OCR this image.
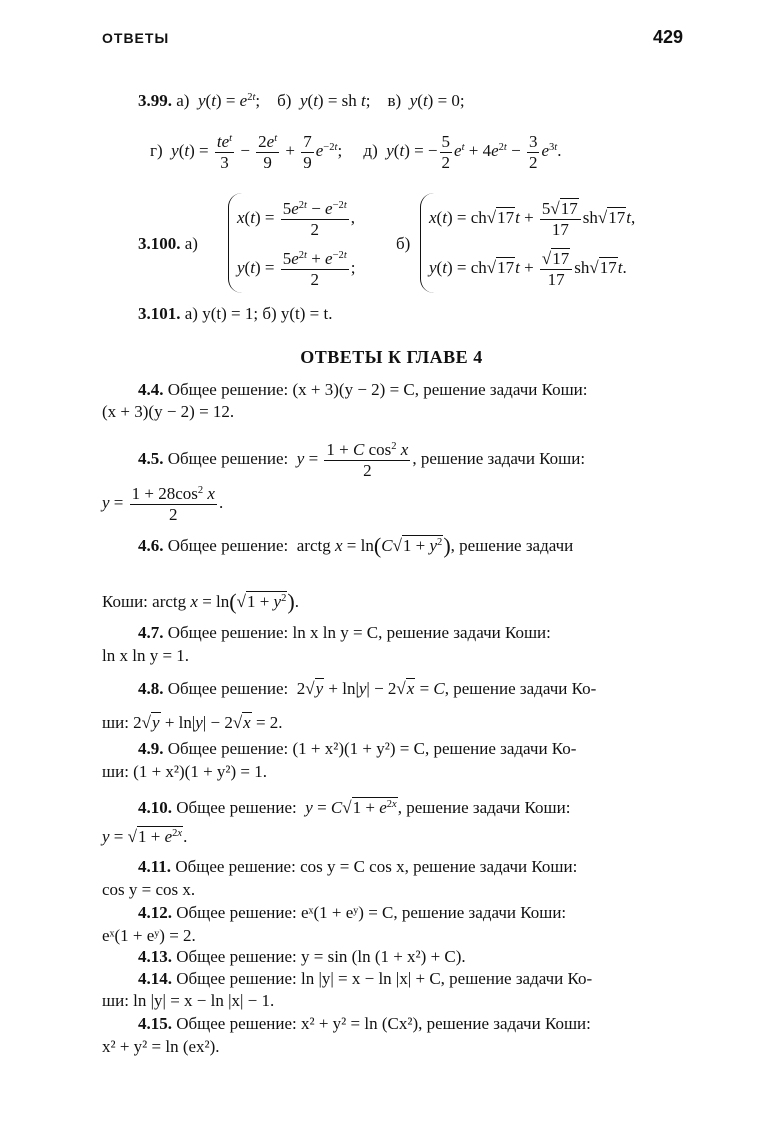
ОТВЕТЫ	429
3.99. а)  $y(t) = e^{2t}$;    б)  y(t) = sh t;    в)  y(t) = 0;
г)  $y(t) = \frac{te^t}{3} - \frac{2e^t}{9} + \frac{7}{9} e^{-2t}$;     д)  y(t) = − $\frac{5}{2} e^t + 4e^{2t} - \frac{3}{2} e^{3t}$.
3.100. а)
$x(t) = \frac{5e^{2t} - e^{-2t}}{2}$ ,
$y(t) = \frac{5e^{2t} + e^{-2t}}{2}$ ;
б)
$x(t) = ch√17t + \frac{5√17}{17} sh√17t$,
$y(t) = ch√17t + \frac{√17}{17} sh√17t$.
3.101. а) y(t) = 1; б) y(t) = t.
ОТВЕТЫ К ГЛАВЕ 4
4.4. Общее решение: (x + 3)(y − 2) = C, решение задачи Коши:
(x + 3)(y − 2) = 12.
4.5. Общее решение:  $y = \frac{1 + C \cos^2 x}{2}$ , решение задачи Коши:
$y = \frac{1 + 28\cos^2 x}{2}$ .
4.6. Общее решение:  arctg $x = \ln(C√1 + y^2)$, решение задачи
Коши: arctg $x = \ln(√1 + y^2)$.
4.7. Общее решение: ln x ln y = C, решение задачи Коши:
ln x ln y = 1.
4.8. Общее решение:  2√y + ln|y| − 2√x = C, решение задачи Ко-
ши: 2√y + ln|y| − 2√x = 2.
4.9. Общее решение: (1 + x²)(1 + y²) = C, решение задачи Ко-
ши: (1 + x²)(1 + y²) = 1.
4.10. Общее решение:  $y = C√1 + e^{2x}$, решение задачи Коши:
$y = √1 + e^{2x}$.
4.11. Общее решение: cos y = C cos x, решение задачи Коши:
cos y = cos x.
4.12. Общее решение: eˣ(1 + eʸ) = C, решение задачи Коши:
eˣ(1 + eʸ) = 2.
4.13. Общее решение: y = sin (ln (1 + x²) + C).
4.14. Общее решение: ln |y| = x − ln |x| + C, решение задачи Ко-
ши: ln |y| = x − ln |x| − 1.
4.15. Общее решение: x² + y² = ln (Cx²), решение задачи Коши:
x² + y² = ln (ex²).
